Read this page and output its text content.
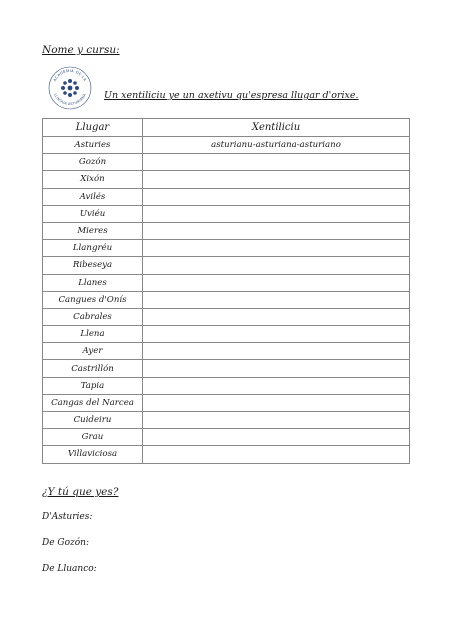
Nome y cursu:
ACADEMIA DE LA
LLINGUA ASTURIANA Un xentiliciu ye un axetivu qu'espresa llugar d'orixe.
Llugar	Xentiliciu
Asturies	asturianu-asturiana-asturiano
Gozón	
Xixón	
Avilés	
Uviéu	
Mieres	
Llangréu	
Ribeseya	
Llanes	
Cangues d'Onís	
Cabrales	
Llena	
Ayer	
Castrillón	
Tapia	
Cangas del Narcea	
Cuideiru	
Grau	
Villaviciosa	
¿Y tú que yes?
D'Asturies:
De Gozón:
De Lluanco:
